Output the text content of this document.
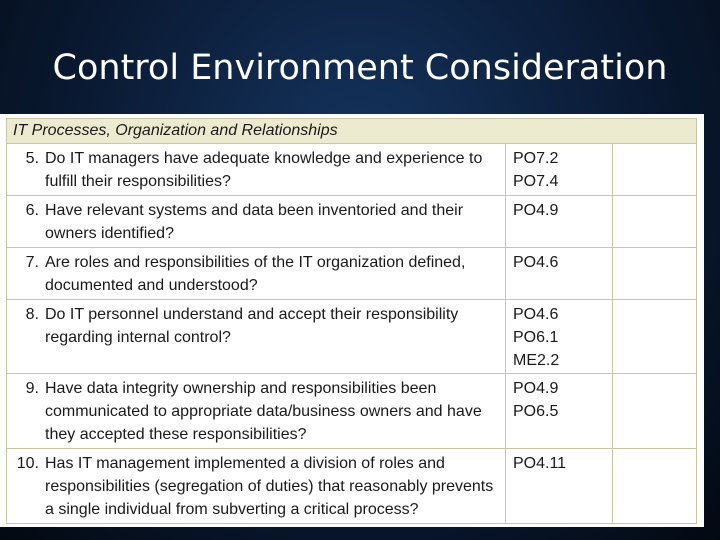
Control Environment Consideration
IT Processes, Organization and Relationships
5. Do IT managers have adequate knowledge and experience to
fulfill their responsibilities?
PO7.2
PO7.4
6. Have relevant systems and data been inventoried and their
owners identified?
PO4.9
7. Are roles and responsibilities of the IT organization defined,
documented and understood?
PO4.6
8. Do IT personnel understand and accept their responsibility
regarding internal control?
PO4.6
PO6.1
ME2.2
9. Have data integrity ownership and responsibilities been
communicated to appropriate data/business owners and have
they accepted these responsibilities?
PO4.9
PO6.5
10. Has IT management implemented a division of roles and
responsibilities (segregation of duties) that reasonably prevents
a single individual from subverting a critical process?
PO4.11
